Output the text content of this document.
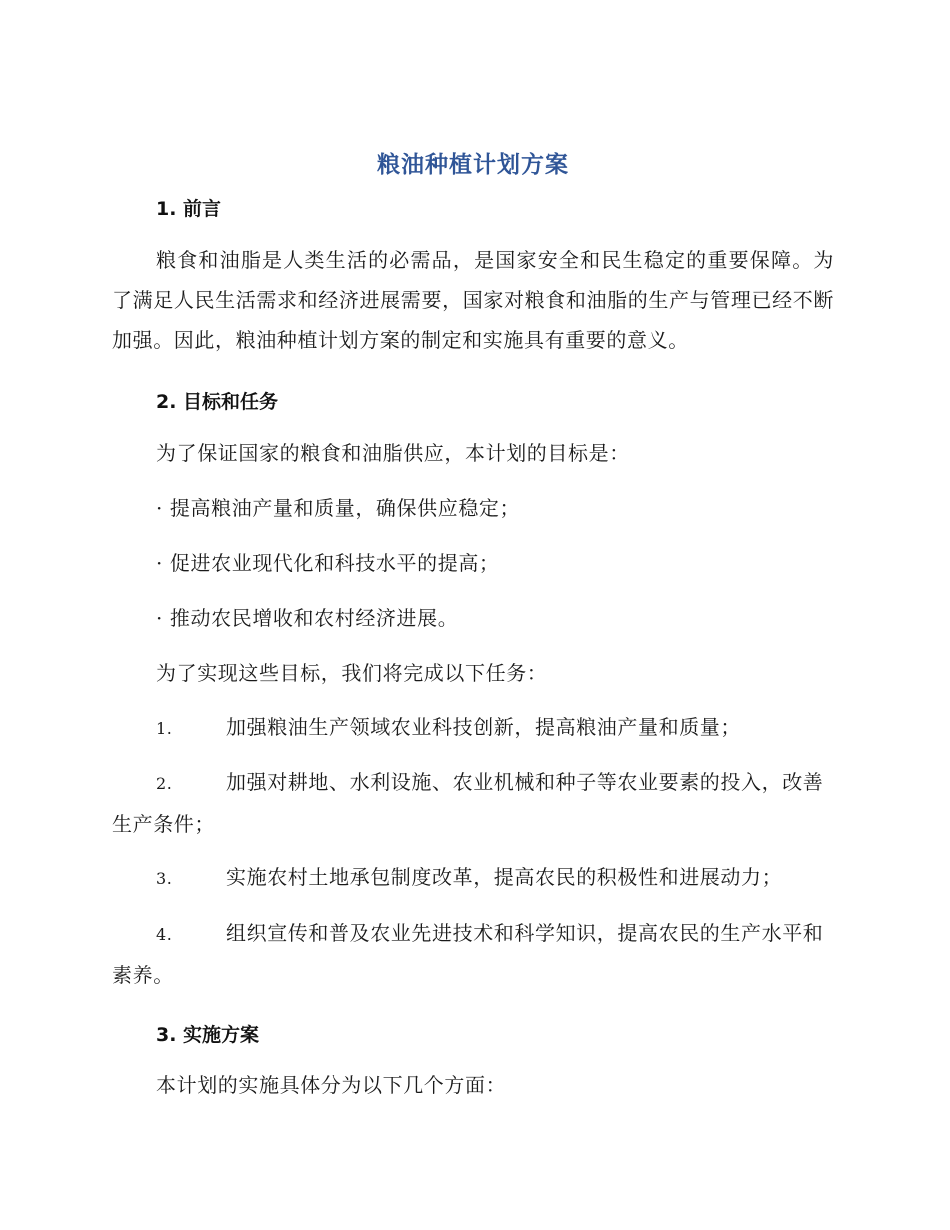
粮油种植计划方案
1. 前言
粮食和油脂是人类生活的必需品，是国家安全和民生稳定的重要保障。为了满足人民生活需求和经济进展需要，国家对粮食和油脂的生产与管理已经不断加强。因此，粮油种植计划方案的制定和实施具有重要的意义。
2. 目标和任务
为了保证国家的粮食和油脂供应，本计划的目标是：
· 提高粮油产量和质量，确保供应稳定；
· 促进农业现代化和科技水平的提高；
· 推动农民增收和农村经济进展。
为了实现这些目标，我们将完成以下任务：
1.	加强粮油生产领域农业科技创新，提高粮油产量和质量；
2.	加强对耕地、水利设施、农业机械和种子等农业要素的投入，改善生产条件；
3.	实施农村土地承包制度改革，提高农民的积极性和进展动力；
4.	组织宣传和普及农业先进技术和科学知识，提高农民的生产水平和素养。
3. 实施方案
本计划的实施具体分为以下几个方面：
